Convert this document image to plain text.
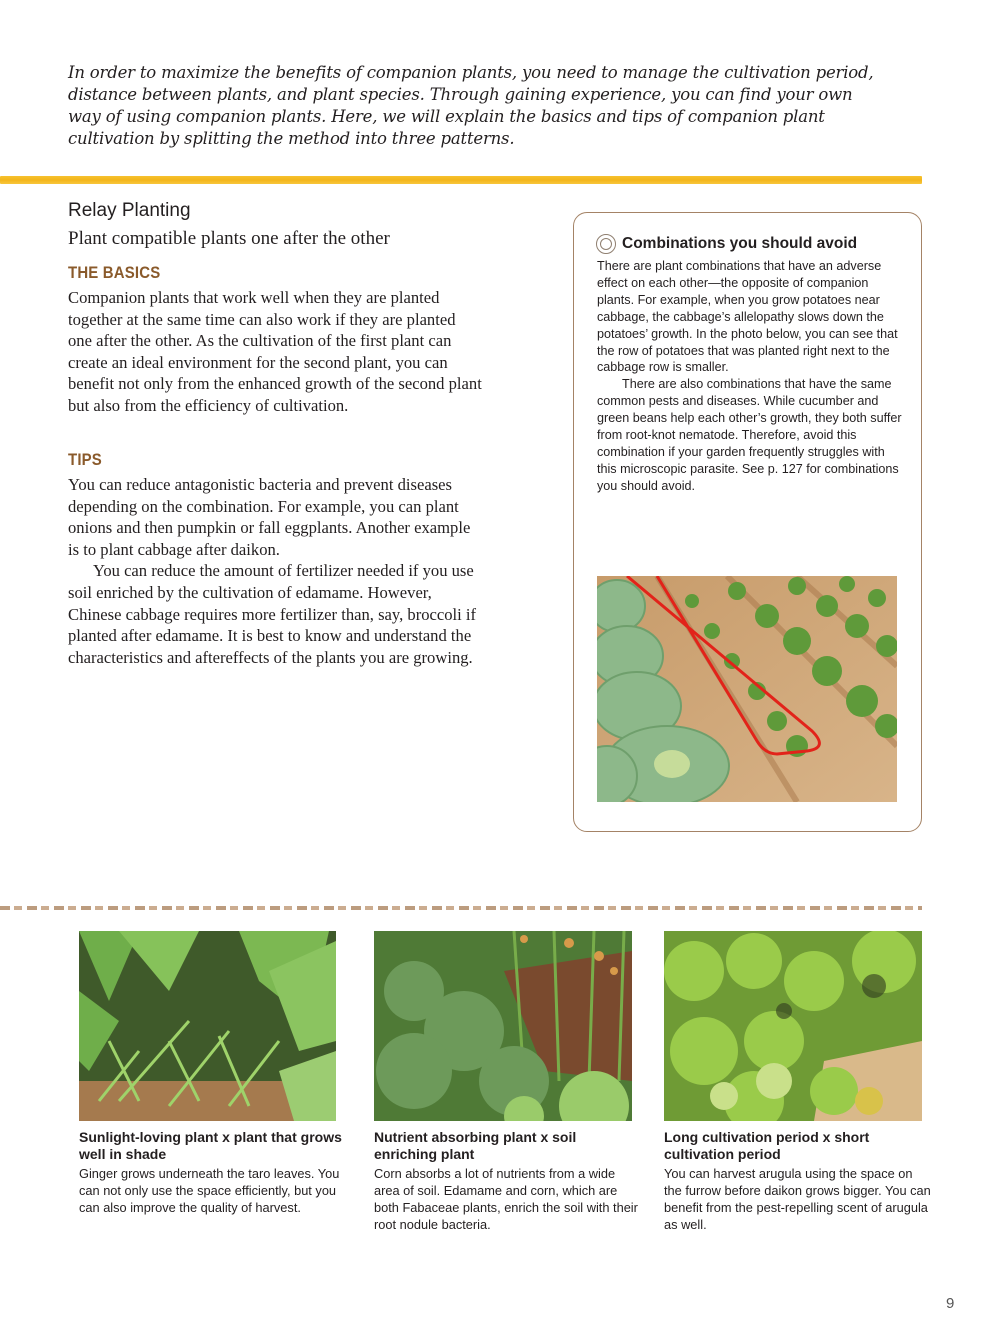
In order to maximize the benefits of companion plants, you need to manage the cultivation period, distance between plants, and plant species. Through gaining experience, you can find your own way of using companion plants. Here, we will explain the basics and tips of companion plant cultivation by splitting the method into three patterns.
Relay Planting
Plant compatible plants one after the other
THE BASICS
Companion plants that work well when they are planted together at the same time can also work if they are planted one after the other. As the cultivation of the first plant can create an ideal environment for the second plant, you can benefit not only from the enhanced growth of the second plant but also from the efficiency of cultivation.
TIPS
You can reduce antagonistic bacteria and prevent diseases depending on the combination. For example, you can plant onions and then pumpkin or fall eggplants. Another example is to plant cabbage after daikon.
You can reduce the amount of fertilizer needed if you use soil enriched by the cultivation of edamame. However, Chinese cabbage requires more fertilizer than, say, broccoli if planted after edamame. It is best to know and understand the characteristics and aftereffects of the plants you are growing.
Combinations you should avoid

There are plant combinations that have an adverse effect on each other—the opposite of companion plants. For example, when you grow potatoes near cabbage, the cabbage’s allelopathy slows down the potatoes’ growth. In the photo below, you can see that the row of potatoes that was planted right next to the cabbage row is smaller.

There are also combinations that have the same common pests and diseases. While cucumber and green beans help each other’s growth, they both suffer from root-knot nematode. Therefore, avoid this combination if your garden frequently struggles with this microscopic parasite. See p. 127 for combinations you should avoid.

Sunlight-loving plant x plant that grows well in shade
Ginger grows underneath the taro leaves. You can not only use the space efficiently, but you can also improve the quality of harvest.
Nutrient absorbing plant x soil enriching plant
Corn absorbs a lot of nutrients from a wide area of soil. Edamame and corn, which are both Fabaceae plants, enrich the soil with their root nodule bacteria.
Long cultivation period x short cultivation period
You can harvest arugula using the space on the furrow before daikon grows bigger. You can benefit from the pest-repelling scent of arugula as well.
9
